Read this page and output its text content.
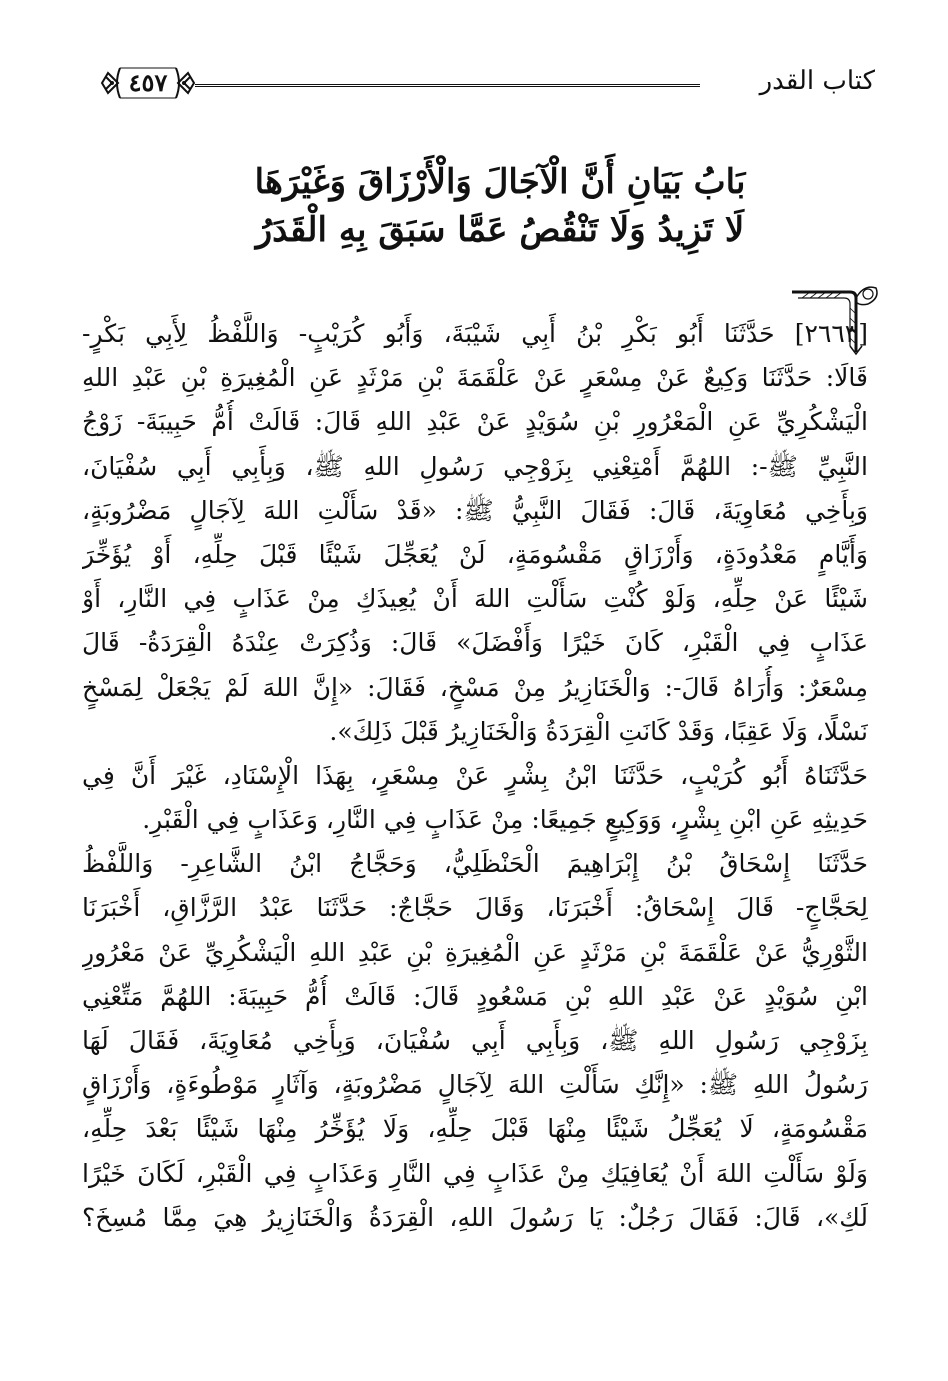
كتاب القدر
٤٥٧
بَابُ بَيَانِ أَنَّ الْآجَالَ وَالْأَرْزَاقَ وَغَيْرَهَا
لَا تَزِيدُ وَلَا تَنْقُصُ عَمَّا سَبَقَ بِهِ الْقَدَرُ
[٢٦٦٣] حَدَّثَنَا أَبُو بَكْرِ بْنُ أَبِي شَيْبَةَ، وَأَبُو كُرَيْبٍ- وَاللَّفْظُ لِأَبِي بَكْرٍ-
قَالَا: حَدَّثَنَا وَكِيعٌ عَنْ مِسْعَرٍ عَنْ عَلْقَمَةَ بْنِ مَرْثَدٍ عَنِ الْمُغِيرَةِ بْنِ عَبْدِ اللهِ
الْيَشْكُرِيِّ عَنِ الْمَعْرُورِ بْنِ سُوَيْدٍ عَنْ عَبْدِ اللهِ قَالَ: قَالَتْ أُمُّ حَبِيبَةَ- زَوْجُ
النَّبِيِّ ﷺ-: اللهُمَّ أَمْتِعْنِي بِزَوْجِي رَسُولِ اللهِ ﷺ، وَبِأَبِي أَبِي سُفْيَانَ،
وَبِأَخِي مُعَاوِيَةَ، قَالَ: فَقَالَ النَّبِيُّ ﷺ: «قَدْ سَأَلْتِ اللهَ لِآجَالٍ مَضْرُوبَةٍ،
وَأَيَّامٍ مَعْدُودَةٍ، وَأَرْزَاقٍ مَقْسُومَةٍ، لَنْ يُعَجِّلَ شَيْئًا قَبْلَ حِلِّهِ، أَوْ يُؤَخِّرَ
شَيْئًا عَنْ حِلِّهِ، وَلَوْ كُنْتِ سَأَلْتِ اللهَ أَنْ يُعِيذَكِ مِنْ عَذَابٍ فِي النَّارِ، أَوْ
عَذَابٍ فِي الْقَبْرِ، كَانَ خَيْرًا وَأَفْضَلَ» قَالَ: وَذُكِرَتْ عِنْدَهُ الْقِرَدَةُ- قَالَ
مِسْعَرٌ: وَأُرَاهُ قَالَ-: وَالْخَنَازِيرُ مِنْ مَسْخٍ، فَقَالَ: «إِنَّ اللهَ لَمْ يَجْعَلْ لِمَسْخٍ
نَسْلًا، وَلَا عَقِبًا، وَقَدْ كَانَتِ الْقِرَدَةُ وَالْخَنَازِيرُ قَبْلَ ذَلِكَ».
حَدَّثَنَاهُ أَبُو كُرَيْبٍ، حَدَّثَنَا ابْنُ بِشْرٍ عَنْ مِسْعَرٍ، بِهَذَا الْإِسْنَادِ، غَيْرَ أَنَّ فِي
حَدِيثِهِ عَنِ ابْنِ بِشْرٍ، وَوَكِيعٍ جَمِيعًا: مِنْ عَذَابٍ فِي النَّارِ، وَعَذَابٍ فِي الْقَبْرِ.
حَدَّثَنَا إِسْحَاقُ بْنُ إِبْرَاهِيمَ الْحَنْظَلِيُّ، وَحَجَّاجُ ابْنُ الشَّاعِرِ- وَاللَّفْظُ
لِحَجَّاجٍ- قَالَ إِسْحَاقُ: أَخْبَرَنَا، وَقَالَ حَجَّاجٌ: حَدَّثَنَا عَبْدُ الرَّزَّاقِ، أَخْبَرَنَا
الثَّوْرِيُّ عَنْ عَلْقَمَةَ بْنِ مَرْثَدٍ عَنِ الْمُغِيرَةِ بْنِ عَبْدِ اللهِ الْيَشْكُرِيِّ عَنْ مَعْرُورِ
ابْنِ سُوَيْدٍ عَنْ عَبْدِ اللهِ بْنِ مَسْعُودٍ قَالَ: قَالَتْ أُمُّ حَبِيبَةَ: اللهُمَّ مَتِّعْنِي
بِزَوْجِي رَسُولِ اللهِ ﷺ، وَبِأَبِي أَبِي سُفْيَانَ، وَبِأَخِي مُعَاوِيَةَ، فَقَالَ لَهَا
رَسُولُ اللهِ ﷺ: «إِنَّكِ سَأَلْتِ اللهَ لِآجَالٍ مَضْرُوبَةٍ، وَآثَارٍ مَوْطُوءَةٍ، وَأَرْزَاقٍ
مَقْسُومَةٍ، لَا يُعَجِّلُ شَيْئًا مِنْهَا قَبْلَ حِلِّهِ، وَلَا يُؤَخِّرُ مِنْهَا شَيْئًا بَعْدَ حِلِّهِ،
وَلَوْ سَأَلْتِ اللهَ أَنْ يُعَافِيَكِ مِنْ عَذَابٍ فِي النَّارِ وَعَذَابٍ فِي الْقَبْرِ، لَكَانَ خَيْرًا
لَكِ»، قَالَ: فَقَالَ رَجُلٌ: يَا رَسُولَ اللهِ، الْقِرَدَةُ وَالْخَنَازِيرُ هِيَ مِمَّا مُسِخَ؟
